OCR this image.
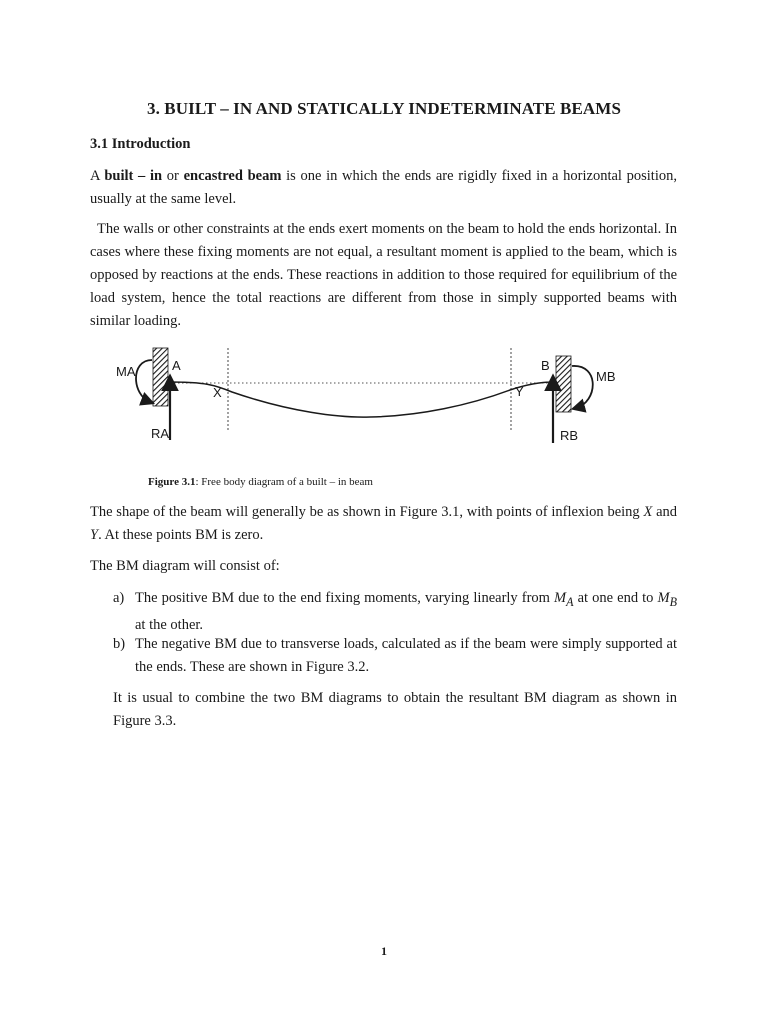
3. BUILT – IN AND STATICALLY INDETERMINATE BEAMS
3.1 Introduction

A built – in or encastred beam is one in which the ends are rigidly fixed in a horizontal position, usually at the same level.

The walls or other constraints at the ends exert moments on the beam to hold the ends horizontal. In cases where these fixing moments are not equal, a resultant moment is applied to the beam, which is opposed by reactions at the ends. These reactions in addition to those required for equilibrium of the load system, hence the total reactions are different from those in simply supported beams with similar loading.

MA	A
RA
X	Y
B
MB
RB
Figure 3.1: Free body diagram of a built – in beam

The shape of the beam will generally be as shown in Figure 3.1, with points of inflexion being X and Y. At these points BM is zero.

The BM diagram will consist of:

a) The positive BM due to the end fixing moments, varying linearly from $M_A$ at one end to $M_B$ at the other.
b) The negative BM due to transverse loads, calculated as if the beam were simply supported at the ends. These are shown in Figure 3.2.

It is usual to combine the two BM diagrams to obtain the resultant BM diagram as shown in Figure 3.3.

1
